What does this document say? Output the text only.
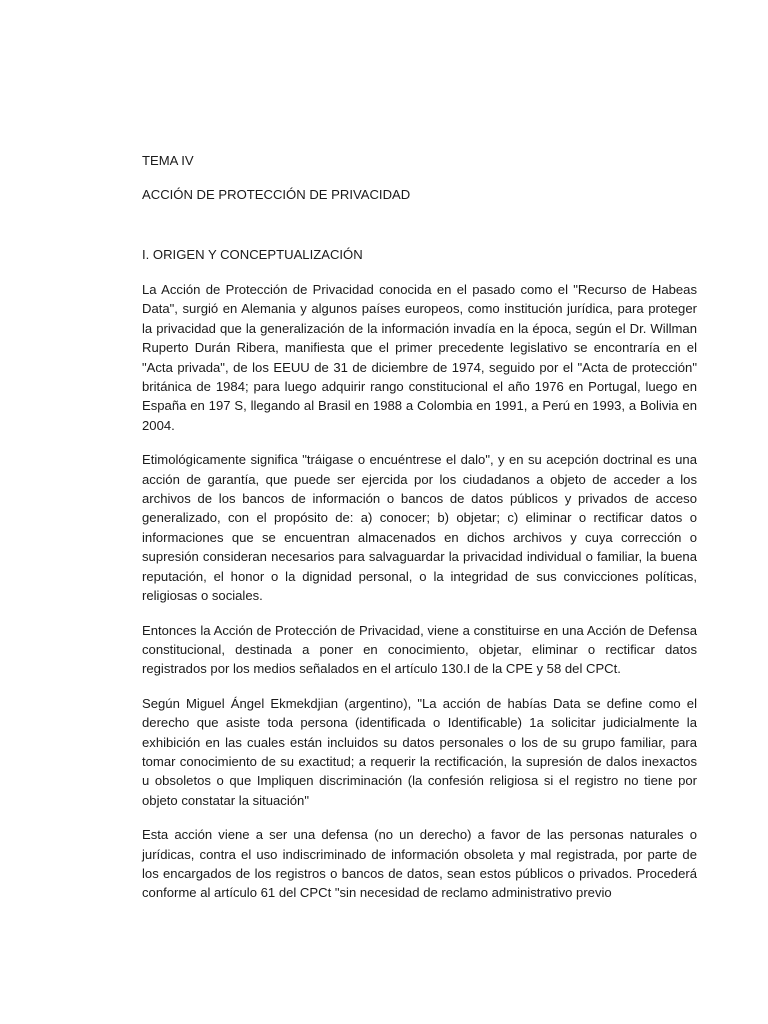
TEMA IV

ACCIÓN DE PROTECCIÓN DE PRIVACIDAD

I. ORIGEN Y CONCEPTUALIZACIÓN

La Acción de Protección de Privacidad conocida en el pasado como el "Recurso de Habeas Data", surgió en Alemania y algunos países europeos, como institución jurídica, para proteger la privacidad que la generalización de la información invadía en la época, según el Dr. Willman Ruperto Durán Ribera, manifiesta que el primer precedente legislativo se encontraría en el "Acta privada", de los EEUU de 31 de diciembre de 1974, seguido por el "Acta de protección" británica de 1984; para luego adquirir rango constitucional el año 1976 en Portugal, luego en España en 197 S, llegando al Brasil en 1988 a Colombia en 1991, a Perú en 1993, a Bolivia en 2004.

Etimológicamente significa "tráigase o encuéntrese el dalo", y en su acepción doctrinal es una acción de garantía, que puede ser ejercida por los ciudadanos a objeto de acceder a los archivos de los bancos de información o bancos de datos públicos y privados de acceso generalizado, con el propósito de: a) conocer; b) objetar; c) eliminar o rectificar datos o informaciones que se encuentran almacenados en dichos archivos y cuya corrección o supresión consideran necesarios para salvaguardar la privacidad individual o familiar, la buena reputación, el honor o la dignidad personal, o la integridad de sus convicciones políticas, religiosas o sociales.

Entonces la Acción de Protección de Privacidad, viene a constituirse en una Acción de Defensa constitucional, destinada a poner en conocimiento, objetar, eliminar o rectificar datos registrados por los medios señalados en el artículo 130.I de la CPE y 58 del CPCt.

Según Miguel Ángel Ekmekdjian (argentino), "La acción de habías Data se define como el derecho que asiste toda persona (identificada o Identificable) 1a solicitar judicialmente la exhibición en las cuales están incluidos su datos personales o los de su grupo familiar, para tomar conocimiento de su exactitud; a requerir la rectificación, la supresión de dalos inexactos u obsoletos o que Impliquen discriminación (la confesión religiosa si el registro no tiene por objeto constatar la situación"

Esta acción viene a ser una defensa (no un derecho) a favor de las personas naturales o jurídicas, contra el uso indiscriminado de información obsoleta y mal registrada, por parte de los encargados de los registros o bancos de datos, sean estos públicos o privados. Procederá conforme al artículo 61 del CPCt "sin necesidad de reclamo administrativo previo
